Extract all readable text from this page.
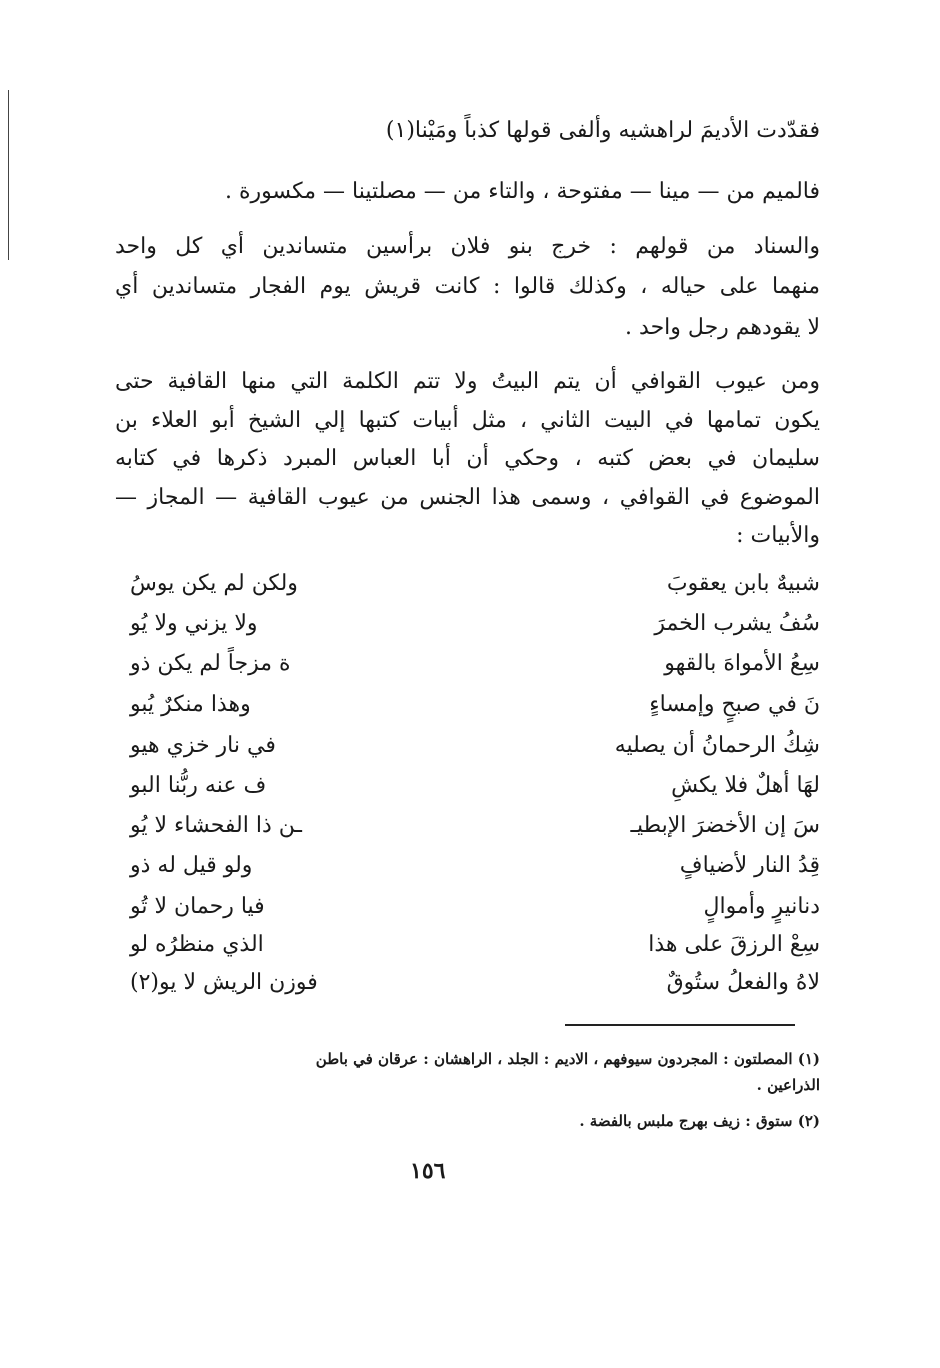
فقدّدت الأديمَ لراهشيه وألفى قولها كذباً ومَيْنا(١)
فالميم من — مينا — مفتوحة ، والتاء من — مصلتينا — مكسورة .
والسناد من قولهم : خرج بنو فلان برأسين متساندين أي كل واحد
منهما على حياله ، وكذلك قالوا : كانت قريش يوم الفجار متساندين أي
لا يقودهم رجل واحد .
ومن عيوب القوافي أن يتم البيتُ ولا تتم الكلمة التي منها القافية حتى
يكون تمامها في البيت الثاني ، مثل أبيات كتبها إلي الشيخ أبو العلاء بن
سليمان في بعض كتبه ، وحكي أن أبا العباس المبرد ذكرها في كتابه
الموضوع في القوافي ، وسمى هذا الجنس من عيوب القافية — المجاز —
والأبيات :
شبيهٌ بابن يعقوبَ
ولكن لم يكن يوسُ
سُفُ يشرب الخمرَ
ولا يزني ولا يُو
سِعُ الأمواهَ بالقهو
ة مزجاً لم يكن ذو
نَ في صبحٍ وإمساءٍ
وهذا منكرٌ يُبو
شِكُ الرحمانُ أن يصليه
في نار خزي هيو
لهَا أهلٌ فلا يكشِ
ف عنه ربُّنا البو
سَ إن الأخضرَ الإبطيـ
ـن ذا الفحشاء لا يُو
قِدُ النار لأضيافٍ
ولو قيل له ذو
دنانيرٍ وأموالٍ
فيا رحمان لا تُو
سِعْ الرزقَ على هذا
الذي منظرُه لو
لاهُ والفعلُ ستُوقٌ
فوزن الريش لا يو(٢)
(١) المصلتون : المجردون سيوفهم ، الاديم : الجلد ، الراهشان : عرقان في باطن
الذراعين .
(٢) ستوق : زيف بهرج ملبس بالفضة .
١٥٦
